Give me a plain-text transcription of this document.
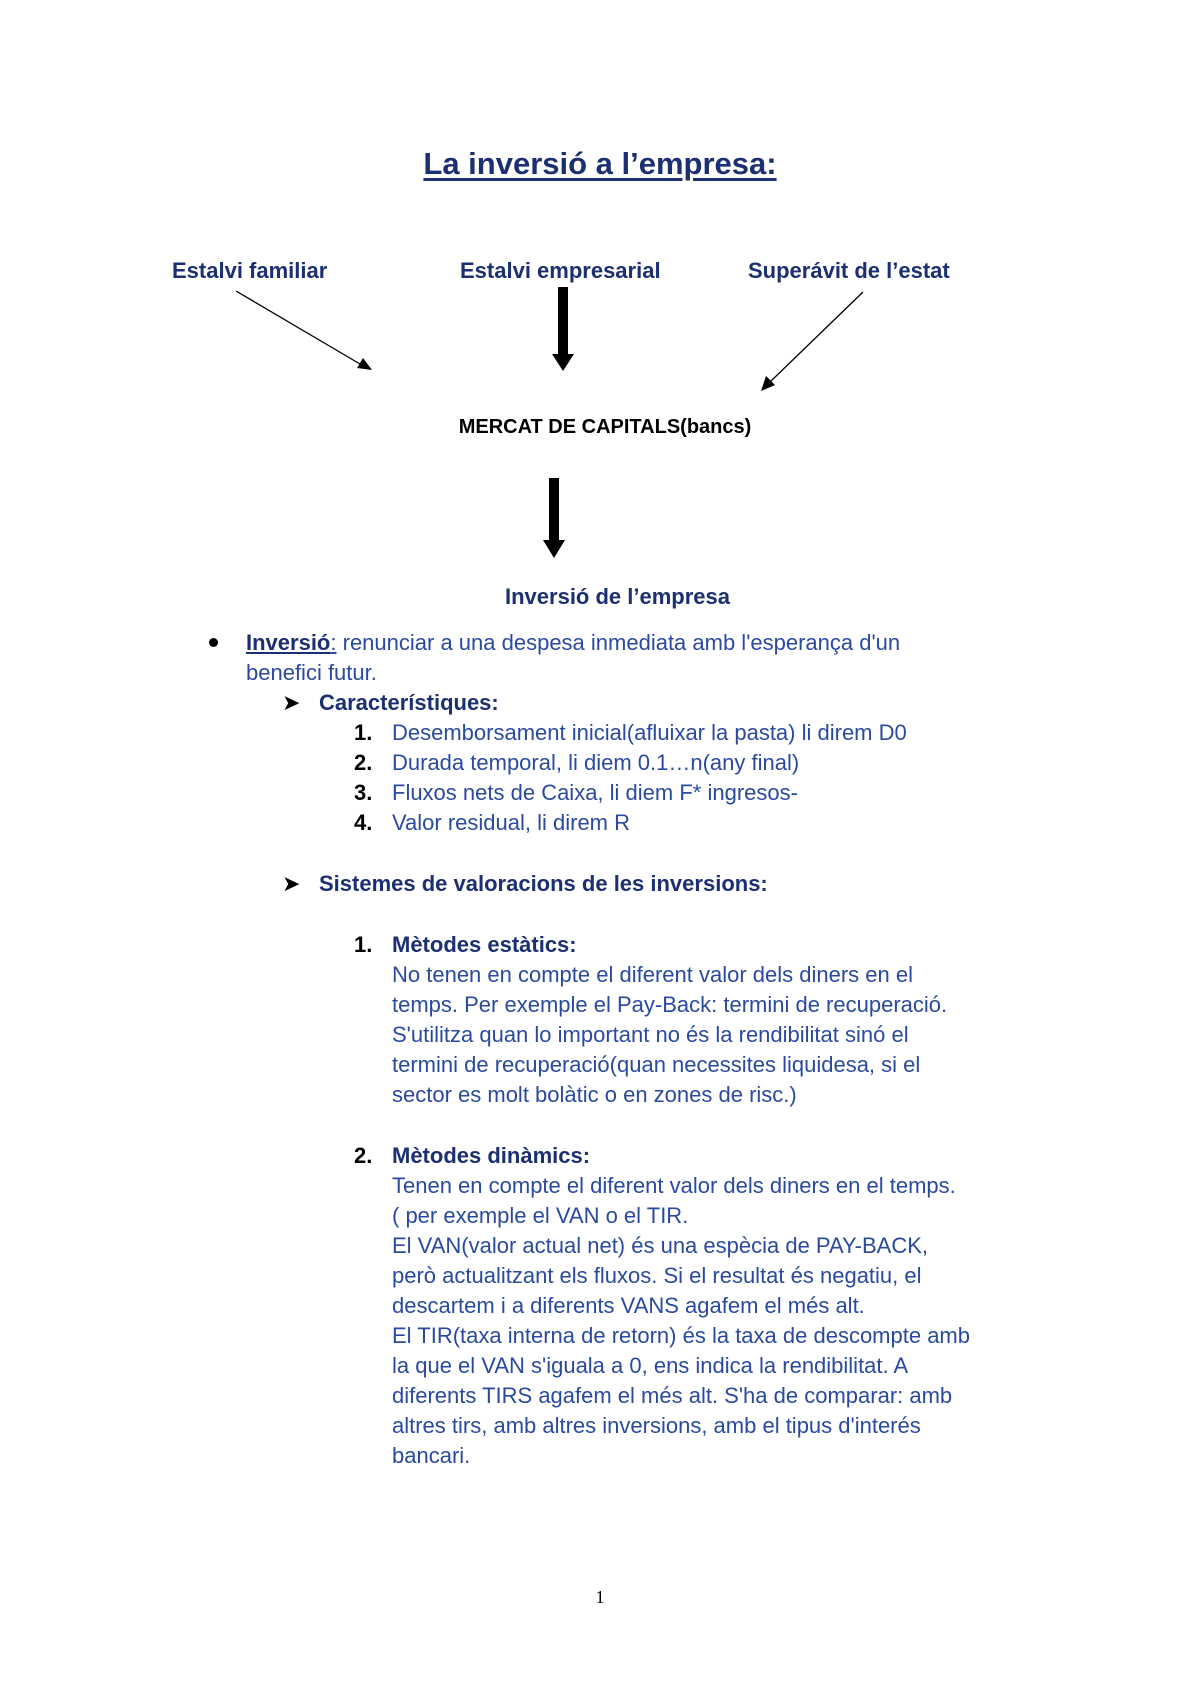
La inversió a l’empresa:
Estalvi familiar	Estalvi empresarial	Superávit de l’estat
MERCAT DE CAPITALS(bancs)
Inversió de l’empresa
Inversió: renunciar a una despesa inmediata amb l'esperança d'un
benefici futur.
➤ Característiques:
1. Desemborsament inicial(afluixar la pasta) li direm D0
2. Durada temporal, li diem 0.1…n(any final)
3. Fluxos nets de Caixa, li diem F* ingresos-
4. Valor residual, li direm R
➤ Sistemes de valoracions de les inversions:
1. Mètodes estàtics:
No tenen en compte el diferent valor dels diners en el
temps. Per exemple el Pay-Back: termini de recuperació.
S'utilitza quan lo important no és la rendibilitat sinó el
termini de recuperació(quan necessites liquidesa, si el
sector es molt bolàtic o en zones de risc.)
2. Mètodes dinàmics:
Tenen en compte el diferent valor dels diners en el temps.
( per exemple el VAN o el TIR.
El VAN(valor actual net) és una espècia de PAY-BACK,
però actualitzant els fluxos. Si el resultat és negatiu, el
descartem i a diferents VANS agafem el més alt.
El TIR(taxa interna de retorn) és la taxa de descompte amb
la que el VAN s'iguala a 0, ens indica la rendibilitat. A
diferents TIRS agafem el més alt. S'ha de comparar: amb
altres tirs, amb altres inversions, amb el tipus d'interés
bancari.
1
